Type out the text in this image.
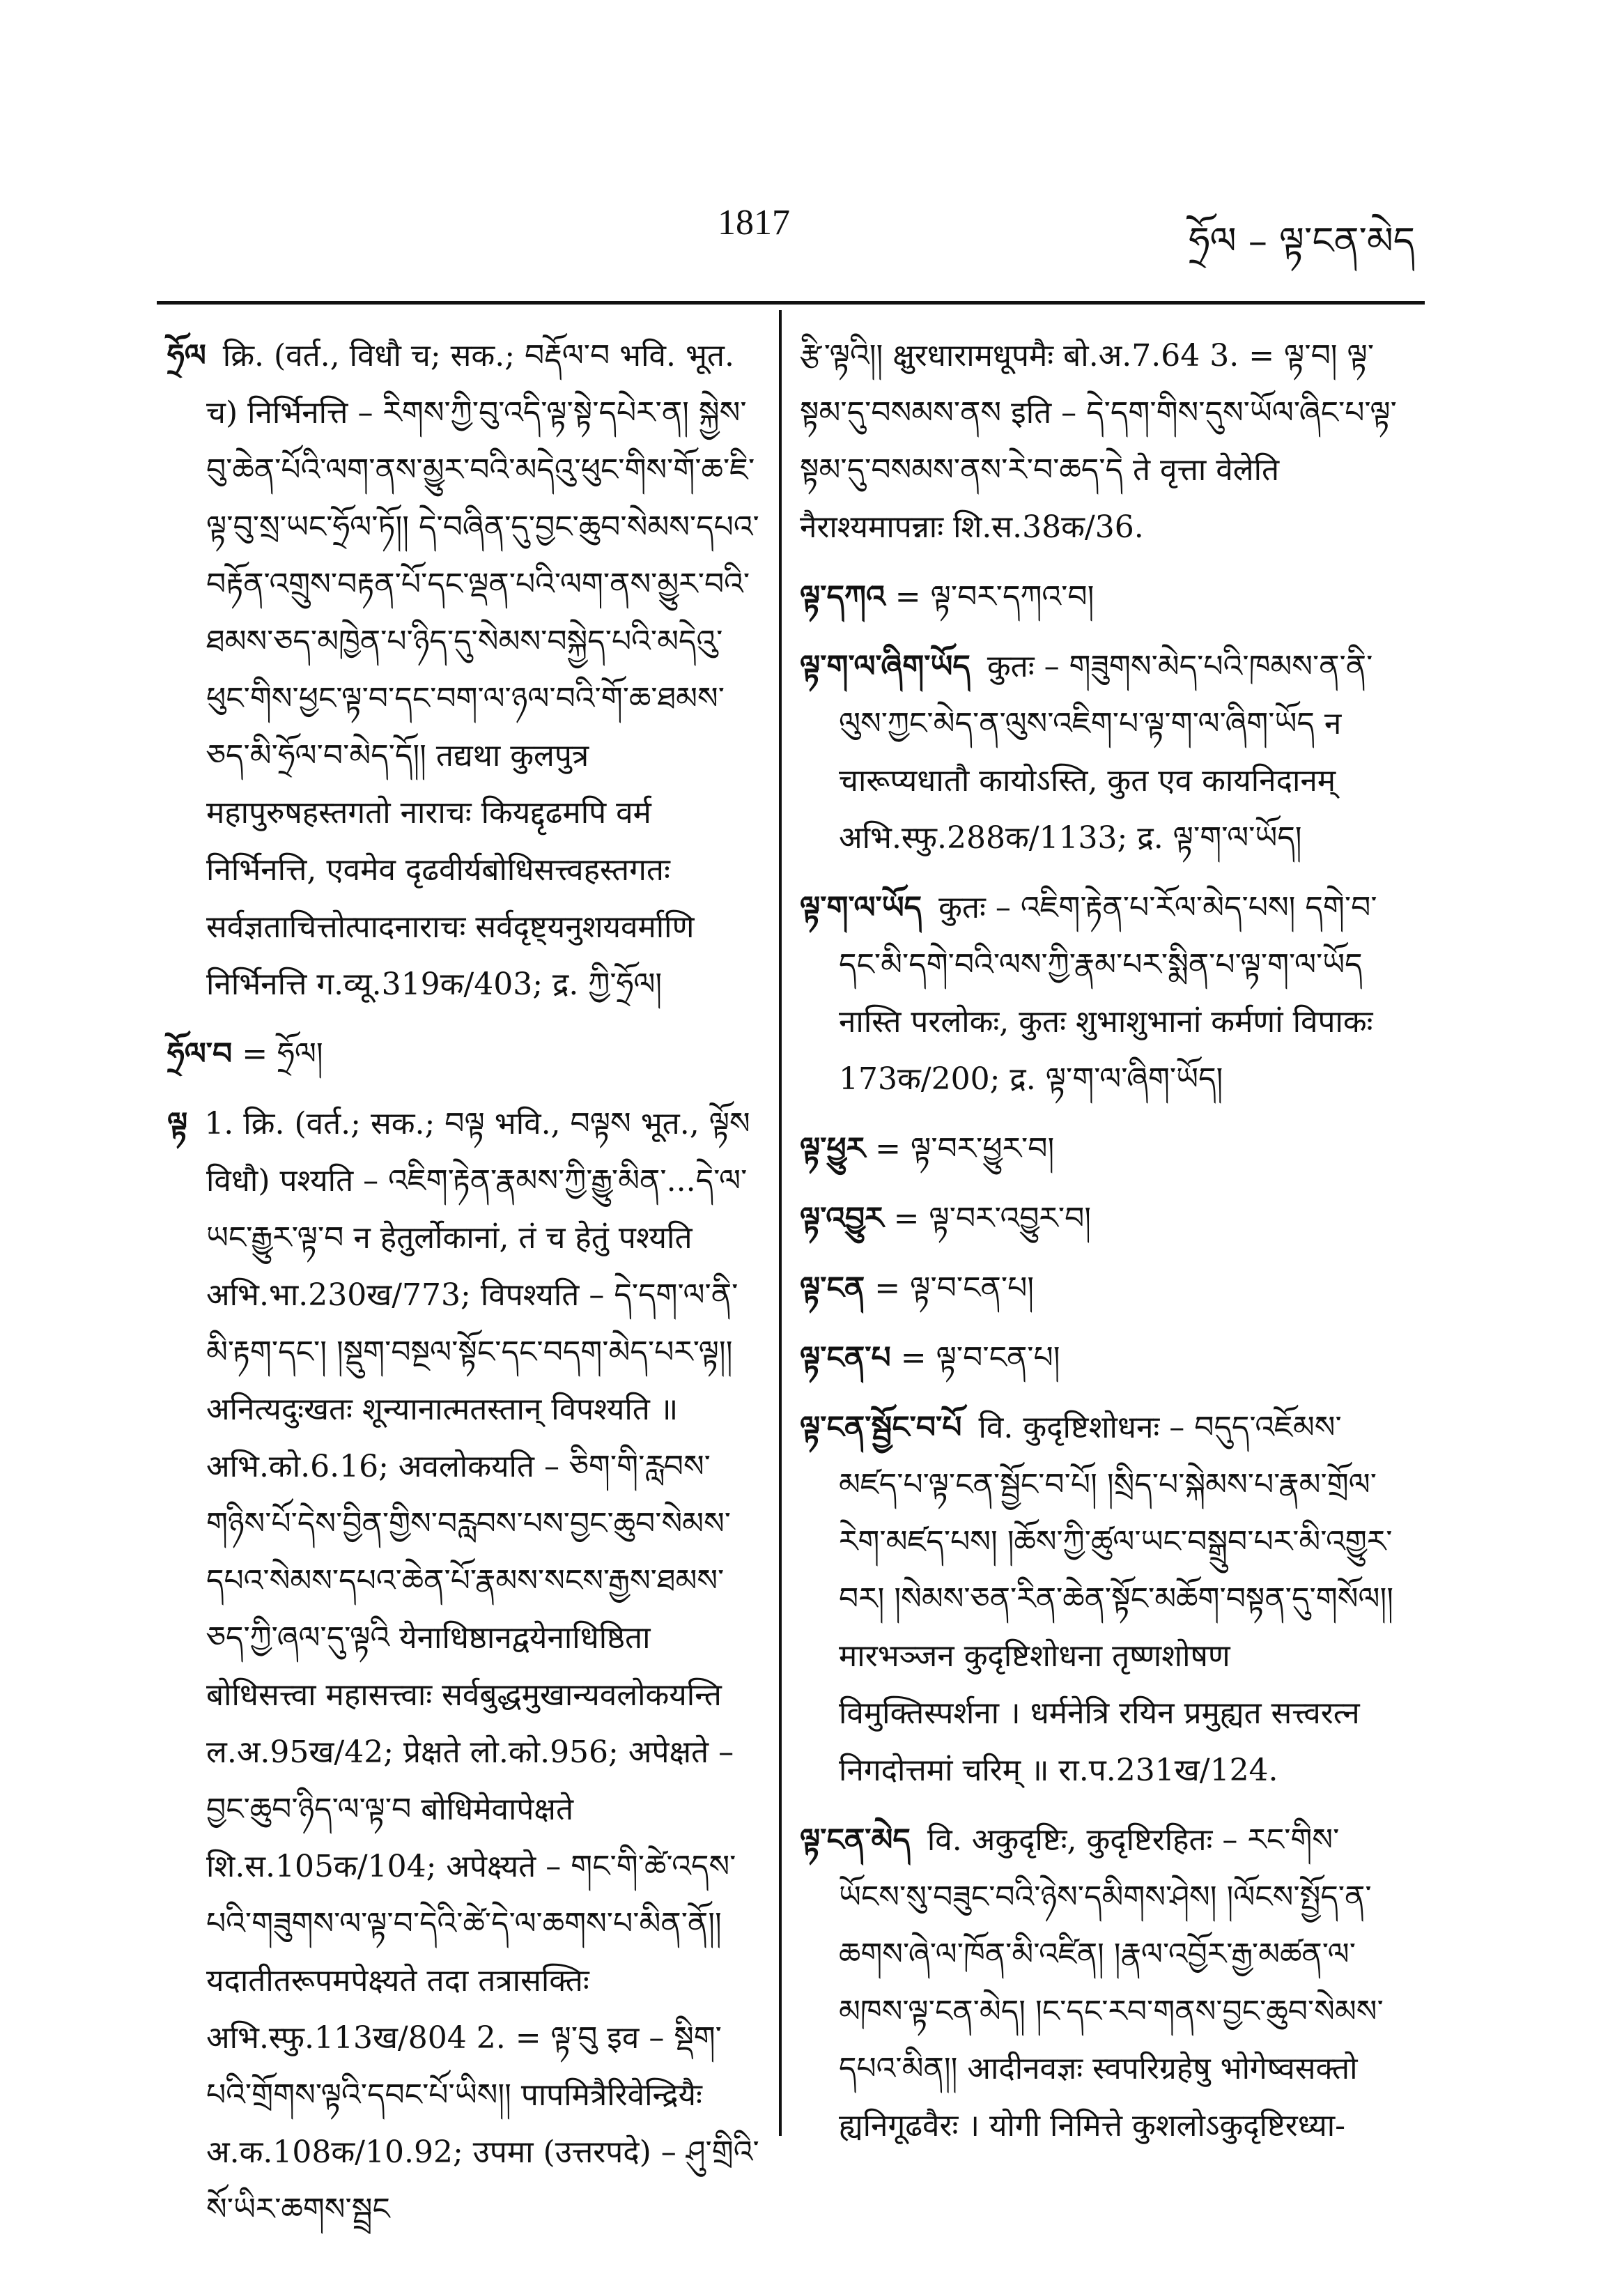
1817	ཧྲོལ – ལྟ་ངན་མེད

ཧྲོལ क्रि. (वर्त., विधौ च; सक.; བརྡོལ་བ भवि. भूत. च) निर्भिनत्ति – རིགས་ཀྱི་བུ་འདི་ལྟ་སྟེ་དཔེར་ན། སྐྱེས་བུ་ཆེན་པོའི་ལག་ནས་མྱུར་བའི་མདེའུ་ཕུང་གིས་གོ་ཆ་ཇི་ལྟ་བུ་སྲ་ཡང་ཧྲོལ་ཏོ།། དེ་བཞིན་དུ་བྱང་ཆུབ་སེམས་དཔའ་བརྟོན་འགྲུས་བརྟན་པོ་དང་ལྡན་པའི་ལག་ནས་མྱུར་བའི་ཐམས་ཅད་མཁྱེན་པ་ཉིད་དུ་སེམས་བསྐྱེད་པའི་མདེའུ་ཕུང་གིས་ཕྱང་ལྟ་བ་དང་བག་ལ་ཉལ་བའི་གོ་ཆ་ཐམས་ཅད་མི་ཧྲོལ་བ་མེད་དོ།། तद्यथा कुलपुत्र महापुरुषहस्तगतो नाराचः कियद्दृढमपि वर्म निर्भिनत्ति, एवमेव दृढवीर्यबोधिसत्त्वहस्तगतः सर्वज्ञताचित्तोत्पादनाराचः सर्वदृष्ट्यनुशयवर्माणि निर्भिनत्ति ग.व्यू.319क/403; द्र. ཀྱི་ཧྲོལ།

ཧྲོལ་བ = ཧྲོལ།

ལྟ 1. क्रि. (वर्त.; सक.; བལྟ भवि., བལྟས भूत., ལྟོས विधौ) पश्यति – འཇིག་རྟེན་རྣམས་ཀྱི་རྒྱུ་མིན་...དེ་ལ་ཡང་རྒྱུར་ལྟ་བ न हेतुर्लोकानां, तं च हेतुं पश्यति अभि.भा.230ख/773; विपश्यति – དེ་དག་ལ་ནི་མི་རྟག་དང་། །སྡུག་བསྔལ་སྟོང་དང་བདག་མེད་པར་ལྟ།། अनित्यदुःखतः शून्यानात्मतस्तान् विपश्यति ॥ अभि.को.6.16; अवलोकयति – ཅིག་གི་རླབས་གཉིས་པོ་དེས་བྱིན་གྱིས་བརླབས་པས་བྱང་ཆུབ་སེམས་དཔའ་སེམས་དཔའ་ཆེན་པོ་རྣམས་སངས་རྒྱས་ཐམས་ཅད་ཀྱི་ཞལ་དུ་ལྟའི येनाधिष्ठानद्वयेनाधिष्ठिता बोधिसत्त्वा महासत्त्वाः सर्वबुद्धमुखान्यवलोकयन्ति ल.अ.95ख/42; प्रेक्षते लो.को.956; अपेक्षते – བྱང་ཆུབ་ཉིད་ལ་ལྟ་བ बोधिमेवापेक्षते शि.स.105क/104; अपेक्ष्यते – གང་གི་ཚེ་འདས་པའི་གཟུགས་ལ་ལྟ་བ་དེའི་ཚེ་དེ་ལ་ཆགས་པ་མིན་ནོ།། यदातीतरूपमपेक्ष्यते तदा तत्रासक्तिः अभि.स्फु.113ख/804 2. = ལྟ་བུ इव – སྡིག་པའི་གྲོགས་ལྟའི་དབང་པོ་ཡིས།། पापमित्रैरिवेन्द्रियैः अ.क.108क/10.92; उपमा (उत्तरपदे) – ཤུ་གྲིའི་སོ་ཡིར་ཆགས་སྦྲང

རྩི་ལྟའི།། क्षुरधारामधूपमैः बो.अ.7.64 3. = ལྟ་བ། ལྟ་སྟམ་དུ་བསམས་ནས इति – དེ་དག་གིས་དུས་ཡོལ་ཞིང་པ་ལྟ་སྟམ་དུ་བསམས་ནས་རེ་བ་ཆད་དེ ते वृत्ता वेलेति नैराश्यमापन्नाः शि.स.38क/36.

ལྟ་དཀའ = ལྟ་བར་དཀའ་བ།

ལྟ་ག་ལ་ཞིག་ཡོད कुतः – གཟུགས་མེད་པའི་ཁམས་ན་ནི་ལུས་ཀྱང་མེད་ན་ལུས་འཇིག་པ་ལྟ་ག་ལ་ཞིག་ཡོད न चारूप्यधातौ कायोऽस्ति, कुत एव कायनिदानम् अभि.स्फु.288क/1133; द्र. ལྟ་ག་ལ་ཡོད།

ལྟ་ག་ལ་ཡོད कुतः – འཇིག་རྟེན་པ་རོལ་མེད་པས། དགེ་བ་དང་མི་དགེ་བའི་ལས་ཀྱི་རྣམ་པར་སྨིན་པ་ལྟ་ག་ལ་ཡོད नास्ति परलोकः, कुतः शुभाशुभानां कर्मणां विपाकः 173क/200; द्र. ལྟ་ག་ལ་ཞིག་ཡོད།

ལྟ་ཕྱུར = ལྟ་བར་ཕྱུར་བ།

ལྟ་འབྱུར = ལྟ་བར་འབྱུར་བ།

ལྟ་ངན = ལྟ་བ་ངན་པ།

ལྟ་ངན་པ = ལྟ་བ་ངན་པ།

ལྟ་ངན་སྦྱོང་བ་པོ वि. कुदृष्टिशोधनः – བདུད་འཇོམས་མཛད་པ་ལྟ་ངན་སྦྱོང་བ་པོ། །སྲིད་པ་སྐེམས་པ་རྣམ་གྲོལ་རེག་མཛད་པས། །ཆོས་ཀྱི་ཚུལ་ཡང་བསྒྲུབ་པར་མི་འགྱུར་བར། །སེམས་ཅན་རིན་ཆེན་སྟོང་མཆོག་བསྟན་དུ་གསོལ།། मारभञ्जन कुदृष्टिशोधना तृष्णशोषण विमुक्तिस्पर्शना । धर्मनेत्रि रयिन प्रमुह्यत सत्त्वरत्न निगदोत्तमां चरिम् ॥ रा.प.231ख/124.

ལྟ་ངན་མེད वि. अकुदृष्टिः, कुदृष्टिरहितः – རང་གིས་ཡོངས་སུ་བཟུང་བའི་ཉེས་དམིགས་ཤེས། །ལོངས་སྤྱོད་ན་ཆགས་ཞེ་ལ་ཁོན་མི་འཛིན། །རྣལ་འབྱོར་རྒྱ་མཚན་ལ་མཁས་ལྟ་ངན་མེད། །ང་དང་རབ་གནས་བྱང་ཆུབ་སེམས་དཔའ་མིན།། आदीनवज्ञः स्वपरिग्रहेषु भोगेष्वसक्तो ह्यनिगूढवैरः । योगी निमित्ते कुशलोऽकुदृष्टिरध्या-
